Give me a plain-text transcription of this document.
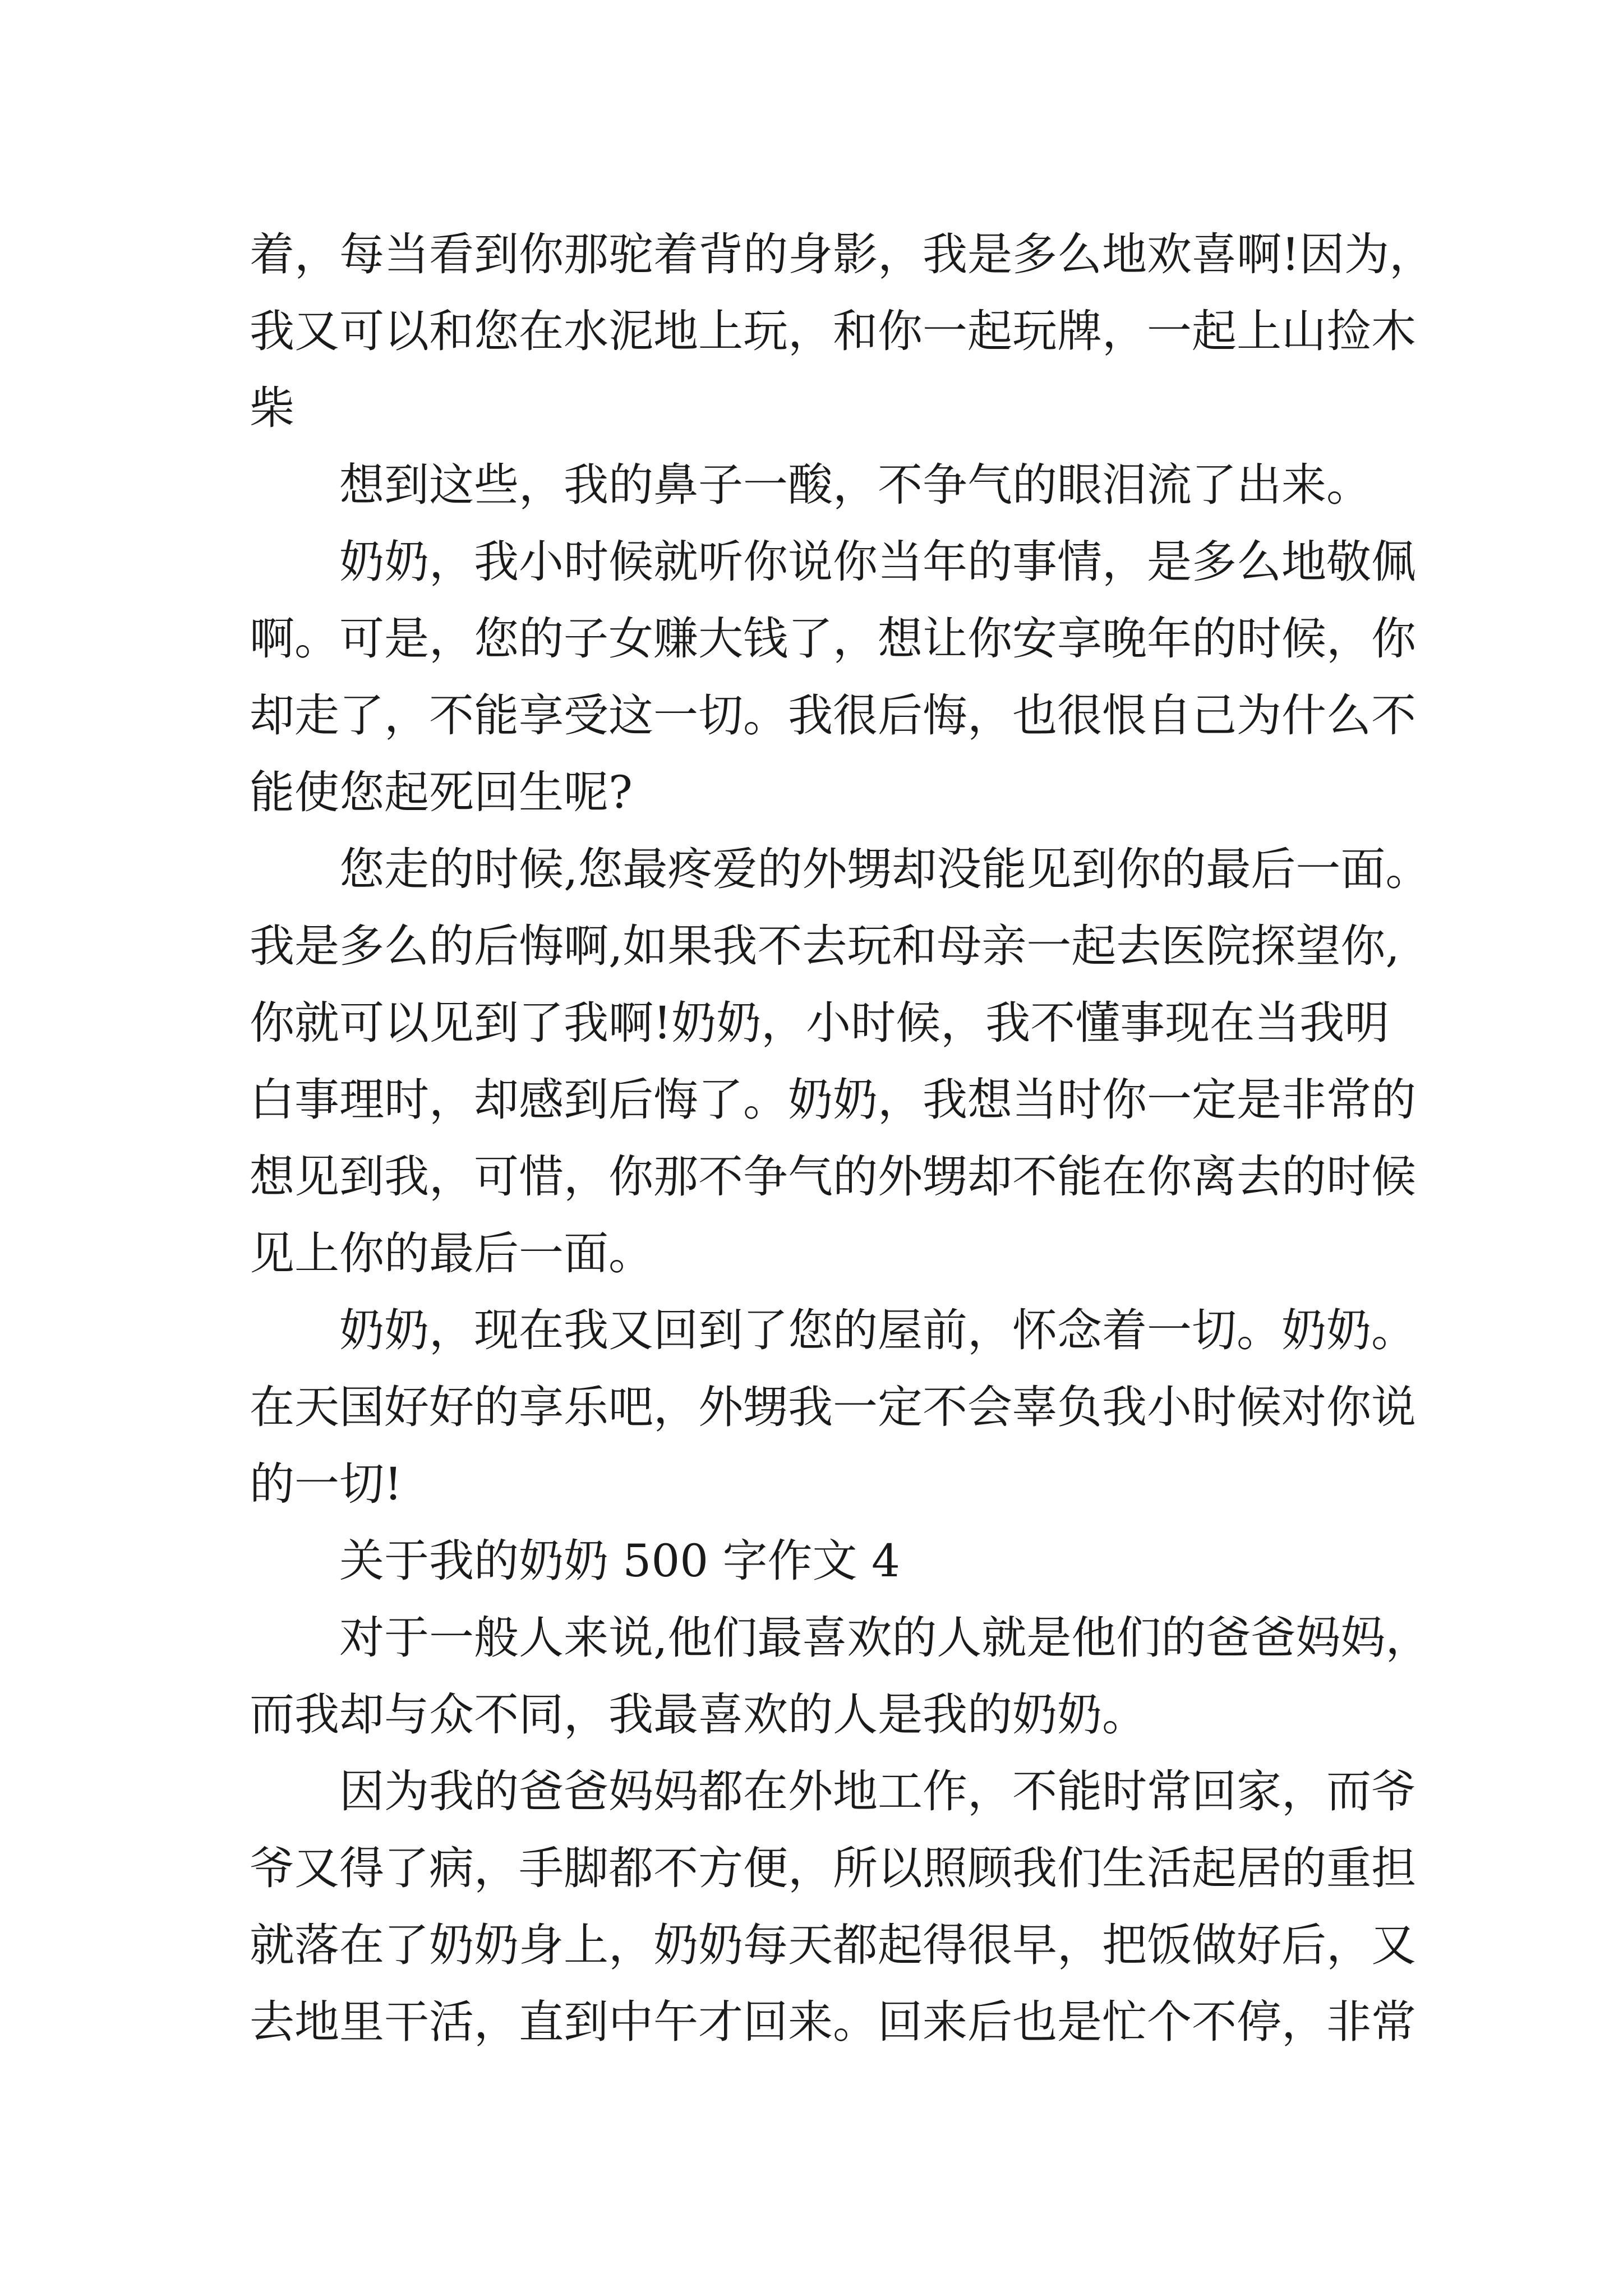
着，每当看到你那驼着背的身影，我是多么地欢喜啊!因为，
我又可以和您在水泥地上玩，和你一起玩牌，一起上山捡木
柴
想到这些，我的鼻子一酸，不争气的眼泪流了出来。
奶奶，我小时候就听你说你当年的事情，是多么地敬佩
啊。可是，您的子女赚大钱了，想让你安享晚年的时候，你
却走了，不能享受这一切。我很后悔，也很恨自己为什么不
能使您起死回生呢?
您走的时候,您最疼爱的外甥却没能见到你的最后一面。
我是多么的后悔啊,如果我不去玩和母亲一起去医院探望你,
你就可以见到了我啊!奶奶，小时候，我不懂事现在当我明
白事理时，却感到后悔了。奶奶，我想当时你一定是非常的
想见到我，可惜，你那不争气的外甥却不能在你离去的时候
见上你的最后一面。
奶奶，现在我又回到了您的屋前，怀念着一切。奶奶。
在天国好好的享乐吧，外甥我一定不会辜负我小时候对你说
的一切!
关于我的奶奶 500 字作文 4
对于一般人来说,他们最喜欢的人就是他们的爸爸妈妈，
而我却与众不同，我最喜欢的人是我的奶奶。
因为我的爸爸妈妈都在外地工作，不能时常回家，而爷
爷又得了病，手脚都不方便，所以照顾我们生活起居的重担
就落在了奶奶身上，奶奶每天都起得很早，把饭做好后，又
去地里干活，直到中午才回来。回来后也是忙个不停，非常
